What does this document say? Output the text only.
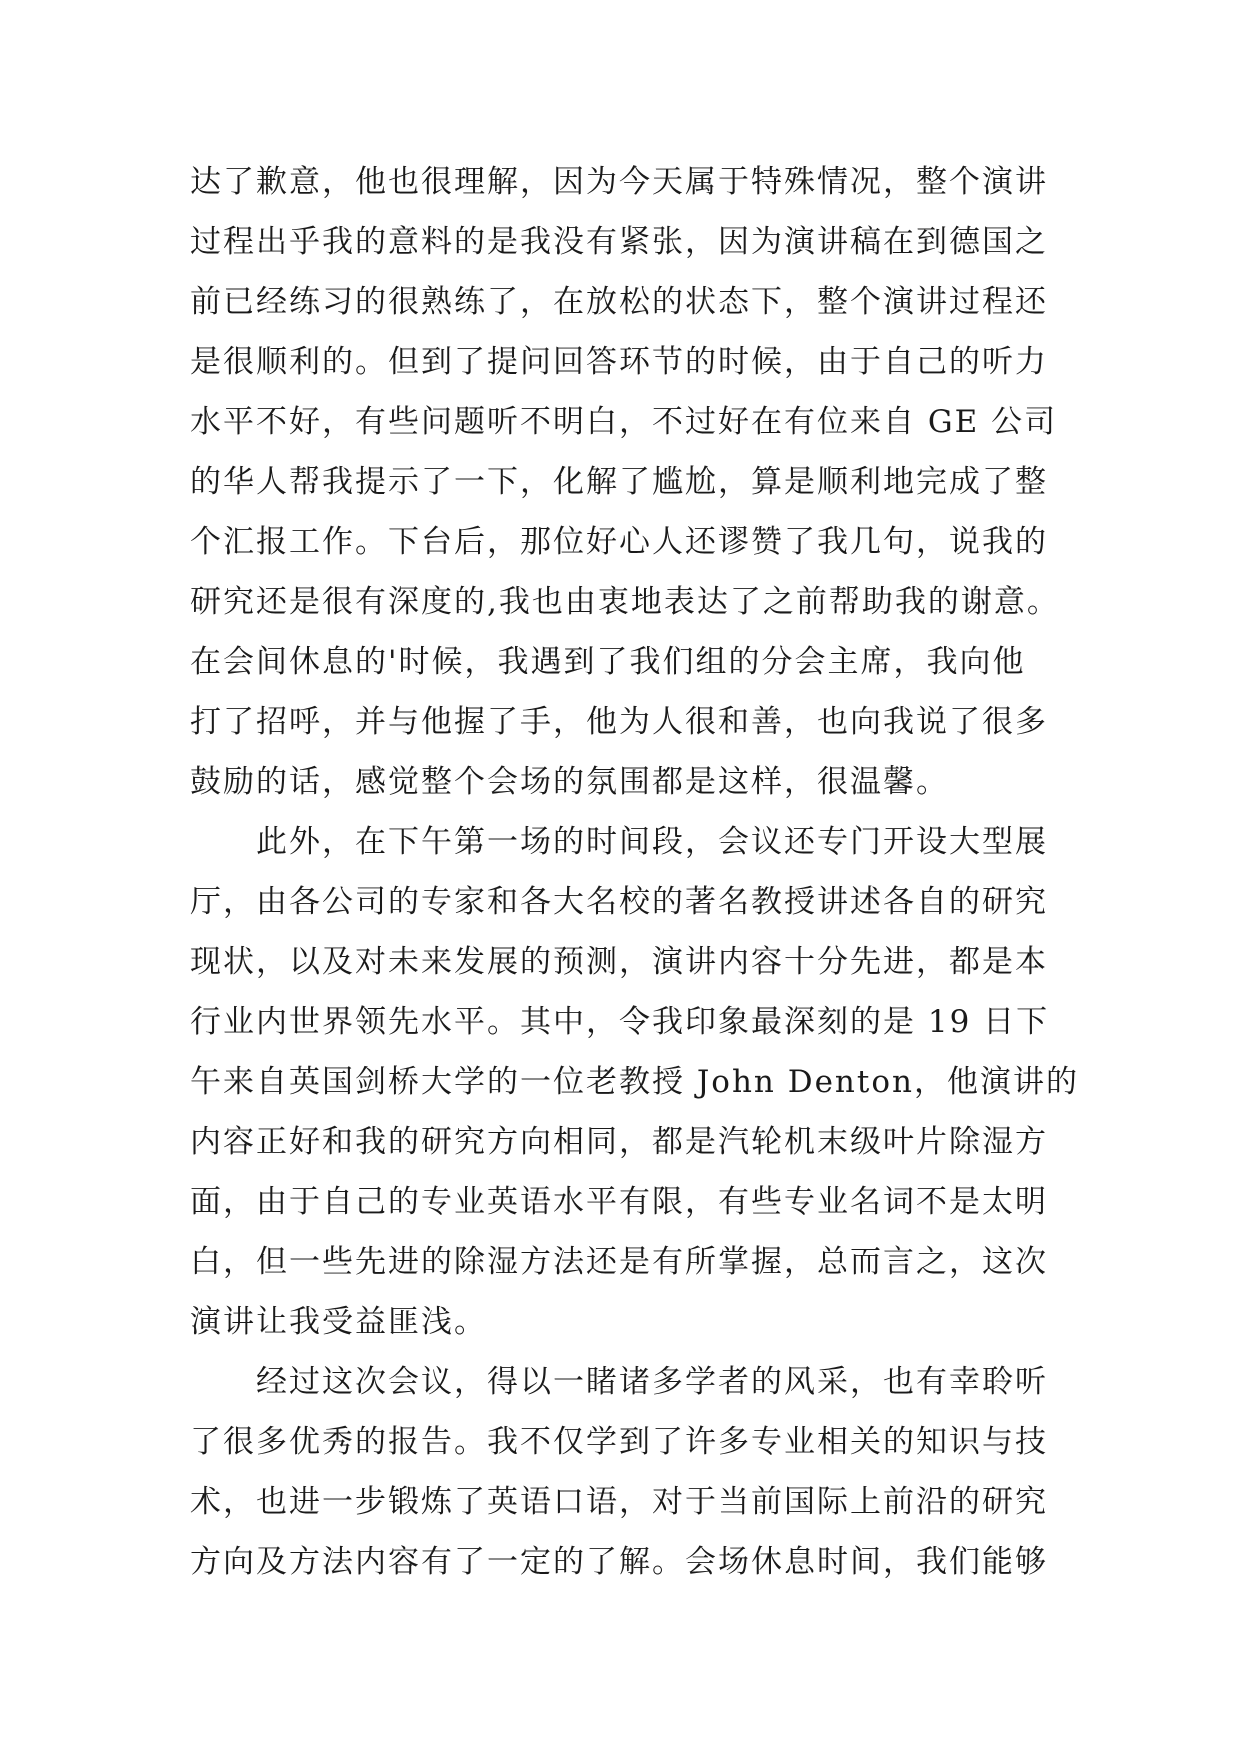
达了歉意，他也很理解，因为今天属于特殊情况，整个演讲
过程出乎我的意料的是我没有紧张，因为演讲稿在到德国之
前已经练习的很熟练了，在放松的状态下，整个演讲过程还
是很顺利的。但到了提问回答环节的时候，由于自己的听力
水平不好，有些问题听不明白，不过好在有位来自 GE 公司
的华人帮我提示了一下，化解了尴尬，算是顺利地完成了整
个汇报工作。下台后，那位好心人还谬赞了我几句，说我的
研究还是很有深度的,我也由衷地表达了之前帮助我的谢意。
在会间休息的'时候，我遇到了我们组的分会主席，我向他
打了招呼，并与他握了手，他为人很和善，也向我说了很多
鼓励的话，感觉整个会场的氛围都是这样，很温馨。
此外，在下午第一场的时间段，会议还专门开设大型展
厅，由各公司的专家和各大名校的著名教授讲述各自的研究
现状，以及对未来发展的预测，演讲内容十分先进，都是本
行业内世界领先水平。其中，令我印象最深刻的是 19 日下
午来自英国剑桥大学的一位老教授 John Denton，他演讲的
内容正好和我的研究方向相同，都是汽轮机末级叶片除湿方
面，由于自己的专业英语水平有限，有些专业名词不是太明
白，但一些先进的除湿方法还是有所掌握，总而言之，这次
演讲让我受益匪浅。
经过这次会议，得以一睹诸多学者的风采，也有幸聆听
了很多优秀的报告。我不仅学到了许多专业相关的知识与技
术，也进一步锻炼了英语口语，对于当前国际上前沿的研究
方向及方法内容有了一定的了解。会场休息时间，我们能够
